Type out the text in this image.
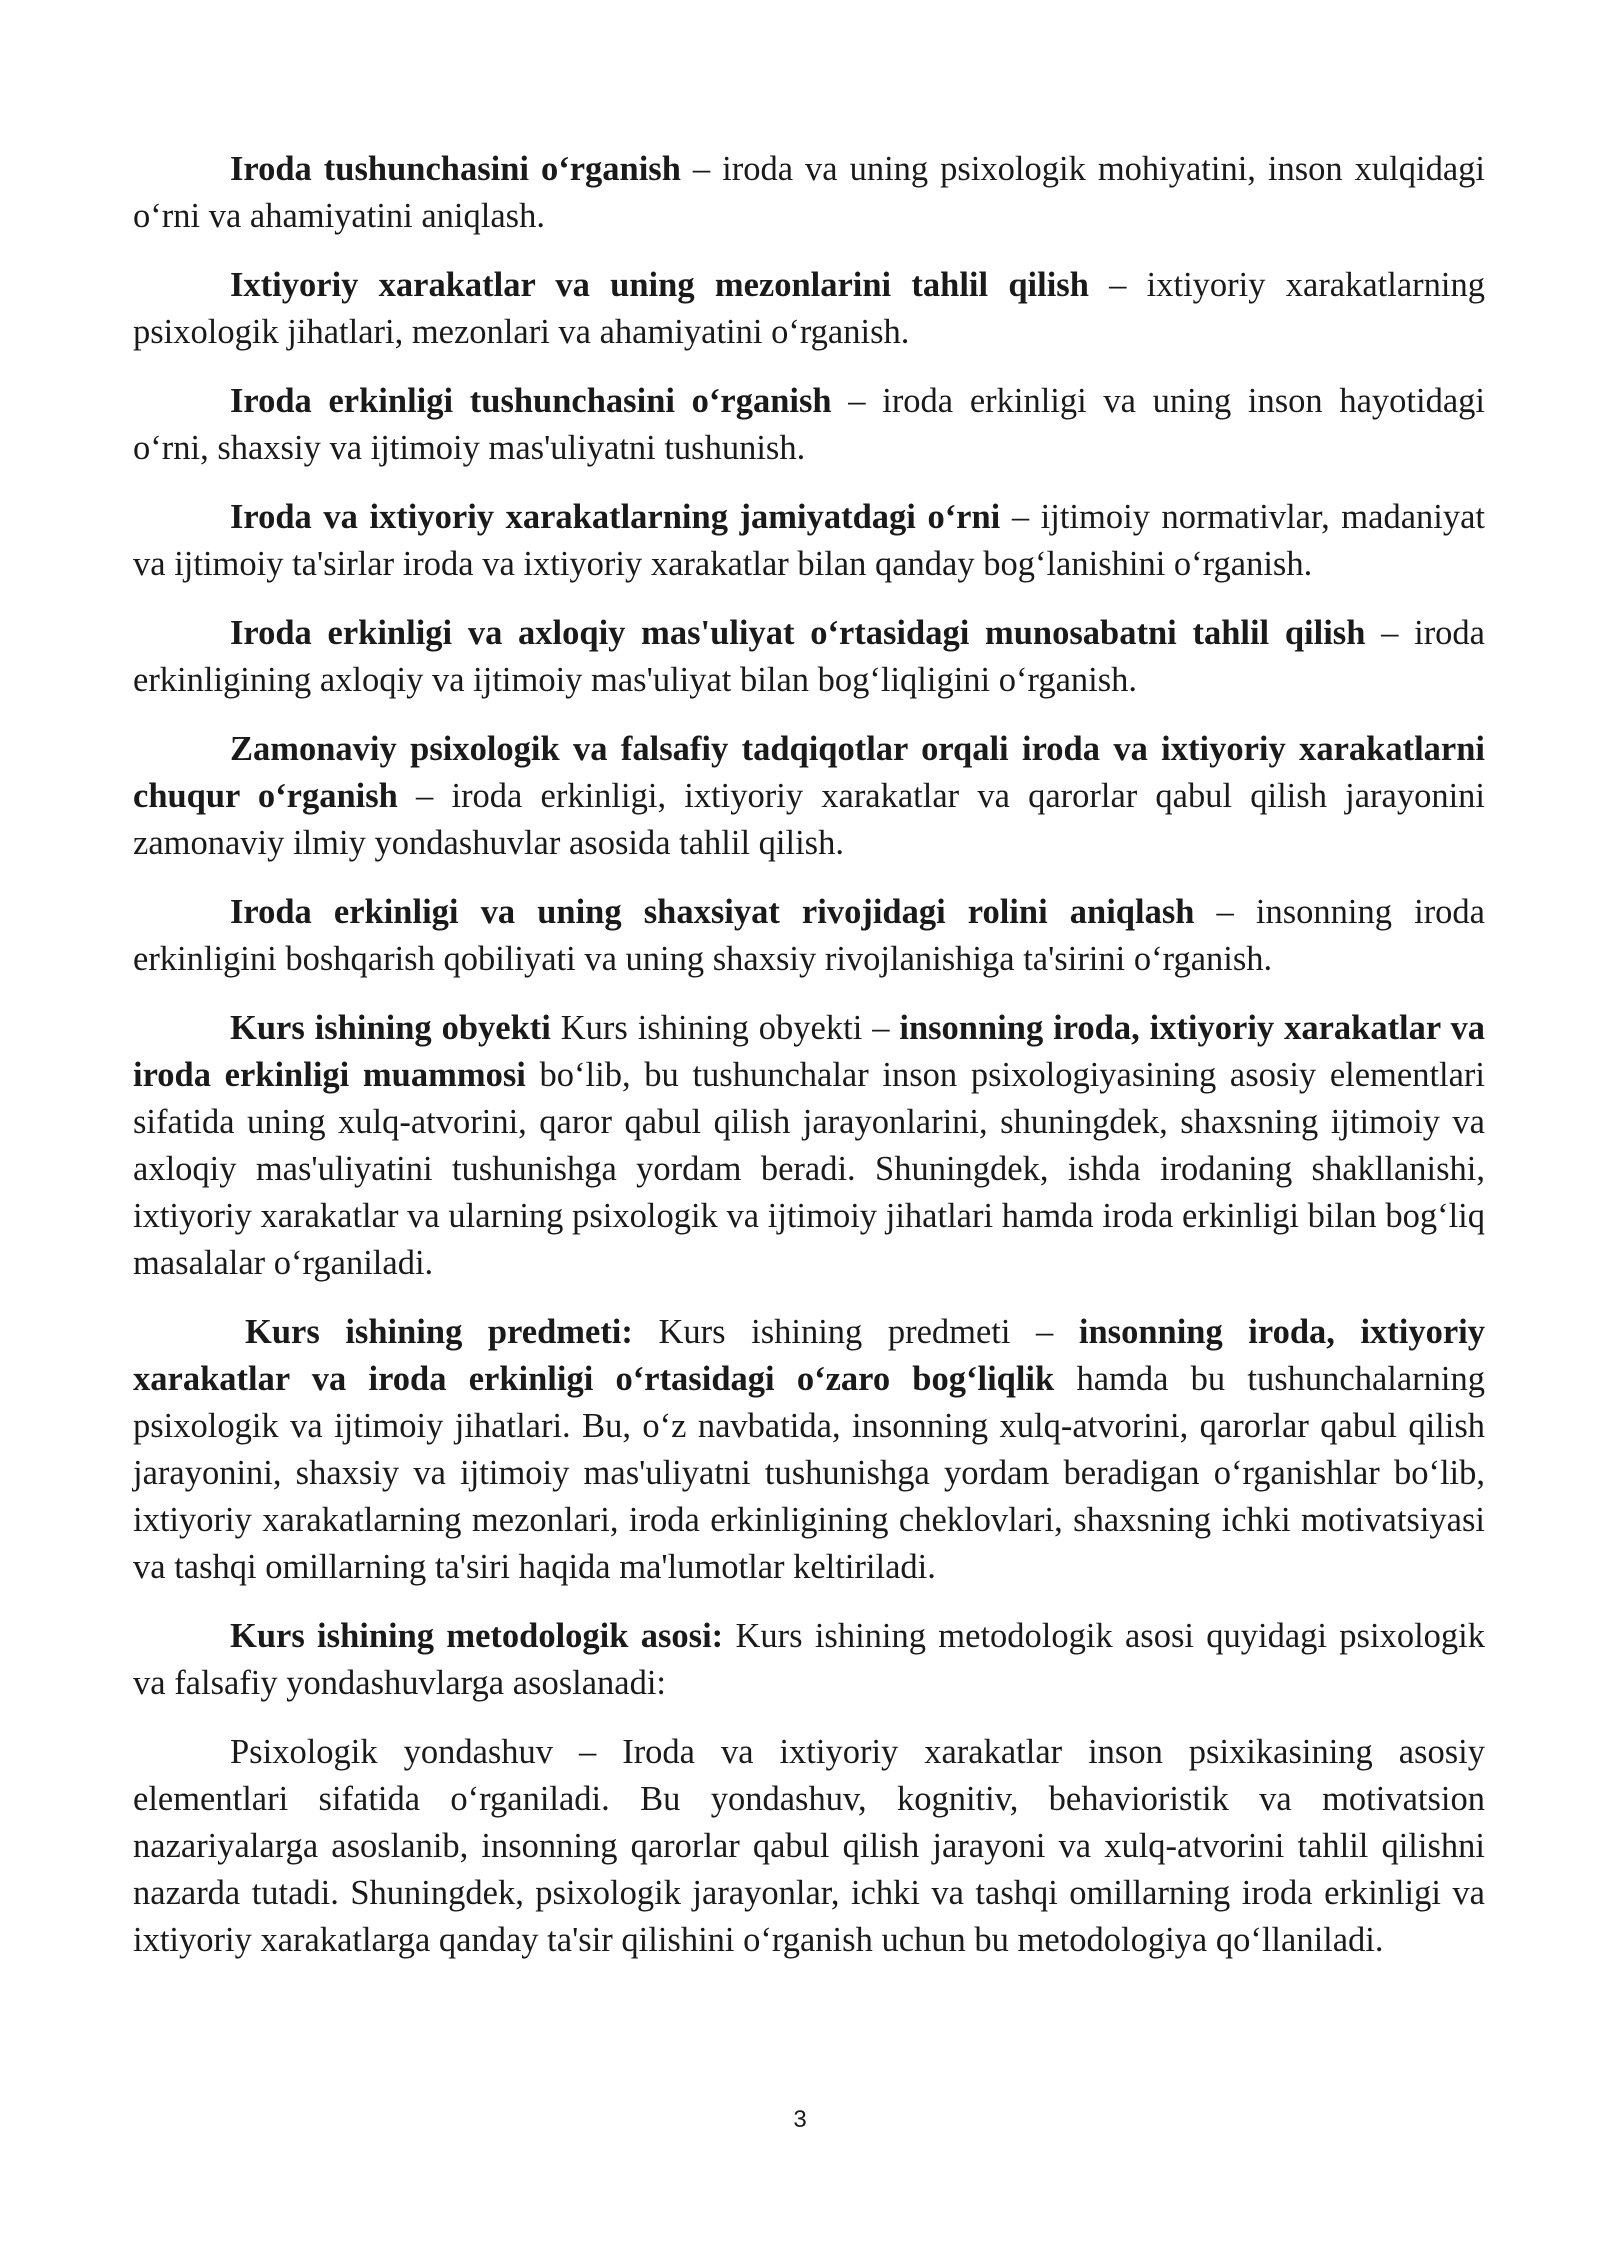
Iroda tushunchasini o‘rganish – iroda va uning psixologik mohiyatini, inson xulqidagi o‘rni va ahamiyatini aniqlash.

Ixtiyoriy xarakatlar va uning mezonlarini tahlil qilish – ixtiyoriy xarakatlarning psixologik jihatlari, mezonlari va ahamiyatini o‘rganish.

Iroda erkinligi tushunchasini o‘rganish – iroda erkinligi va uning inson hayotidagi o‘rni, shaxsiy va ijtimoiy mas'uliyatni tushunish.

Iroda va ixtiyoriy xarakatlarning jamiyatdagi o‘rni – ijtimoiy normativlar, madaniyat va ijtimoiy ta'sirlar iroda va ixtiyoriy xarakatlar bilan qanday bog‘lanishini o‘rganish.

Iroda erkinligi va axloqiy mas'uliyat o‘rtasidagi munosabatni tahlil qilish – iroda erkinligining axloqiy va ijtimoiy mas'uliyat bilan bog‘liqligini o‘rganish.

Zamonaviy psixologik va falsafiy tadqiqotlar orqali iroda va ixtiyoriy xarakatlarni chuqur o‘rganish – iroda erkinligi, ixtiyoriy xarakatlar va qarorlar qabul qilish jarayonini zamonaviy ilmiy yondashuvlar asosida tahlil qilish.

Iroda erkinligi va uning shaxsiyat rivojidagi rolini aniqlash – insonning iroda erkinligini boshqarish qobiliyati va uning shaxsiy rivojlanishiga ta'sirini o‘rganish.

Kurs ishining obyekti Kurs ishining obyekti – insonning iroda, ixtiyoriy xarakatlar va iroda erkinligi muammosi bo‘lib, bu tushunchalar inson psixologiyasining asosiy elementlari sifatida uning xulq-atvorini, qaror qabul qilish jarayonlarini, shuningdek, shaxsning ijtimoiy va axloqiy mas'uliyatini tushunishga yordam beradi. Shuningdek, ishda irodaning shakllanishi, ixtiyoriy xarakatlar va ularning psixologik va ijtimoiy jihatlari hamda iroda erkinligi bilan bog‘liq masalalar o‘rganiladi.

Kurs ishining predmeti: Kurs ishining predmeti – insonning iroda, ixtiyoriy xarakatlar va iroda erkinligi o‘rtasidagi o‘zaro bog‘liqlik hamda bu tushunchalarning psixologik va ijtimoiy jihatlari. Bu, o‘z navbatida, insonning xulq-atvorini, qarorlar qabul qilish jarayonini, shaxsiy va ijtimoiy mas'uliyatni tushunishga yordam beradigan o‘rganishlar bo‘lib, ixtiyoriy xarakatlarning mezonlari, iroda erkinligining cheklovlari, shaxsning ichki motivatsiyasi va tashqi omillarning ta'siri haqida ma'lumotlar keltiriladi.

Kurs ishining metodologik asosi: Kurs ishining metodologik asosi quyidagi psixologik va falsafiy yondashuvlarga asoslanadi:

Psixologik yondashuv – Iroda va ixtiyoriy xarakatlar inson psixikasining asosiy elementlari sifatida o‘rganiladi. Bu yondashuv, kognitiv, behavioristik va motivatsion nazariyalarga asoslanib, insonning qarorlar qabul qilish jarayoni va xulq-atvorini tahlil qilishni nazarda tutadi. Shuningdek, psixologik jarayonlar, ichki va tashqi omillarning iroda erkinligi va ixtiyoriy xarakatlarga qanday ta'sir qilishini o‘rganish uchun bu metodologiya qo‘llaniladi.

3
